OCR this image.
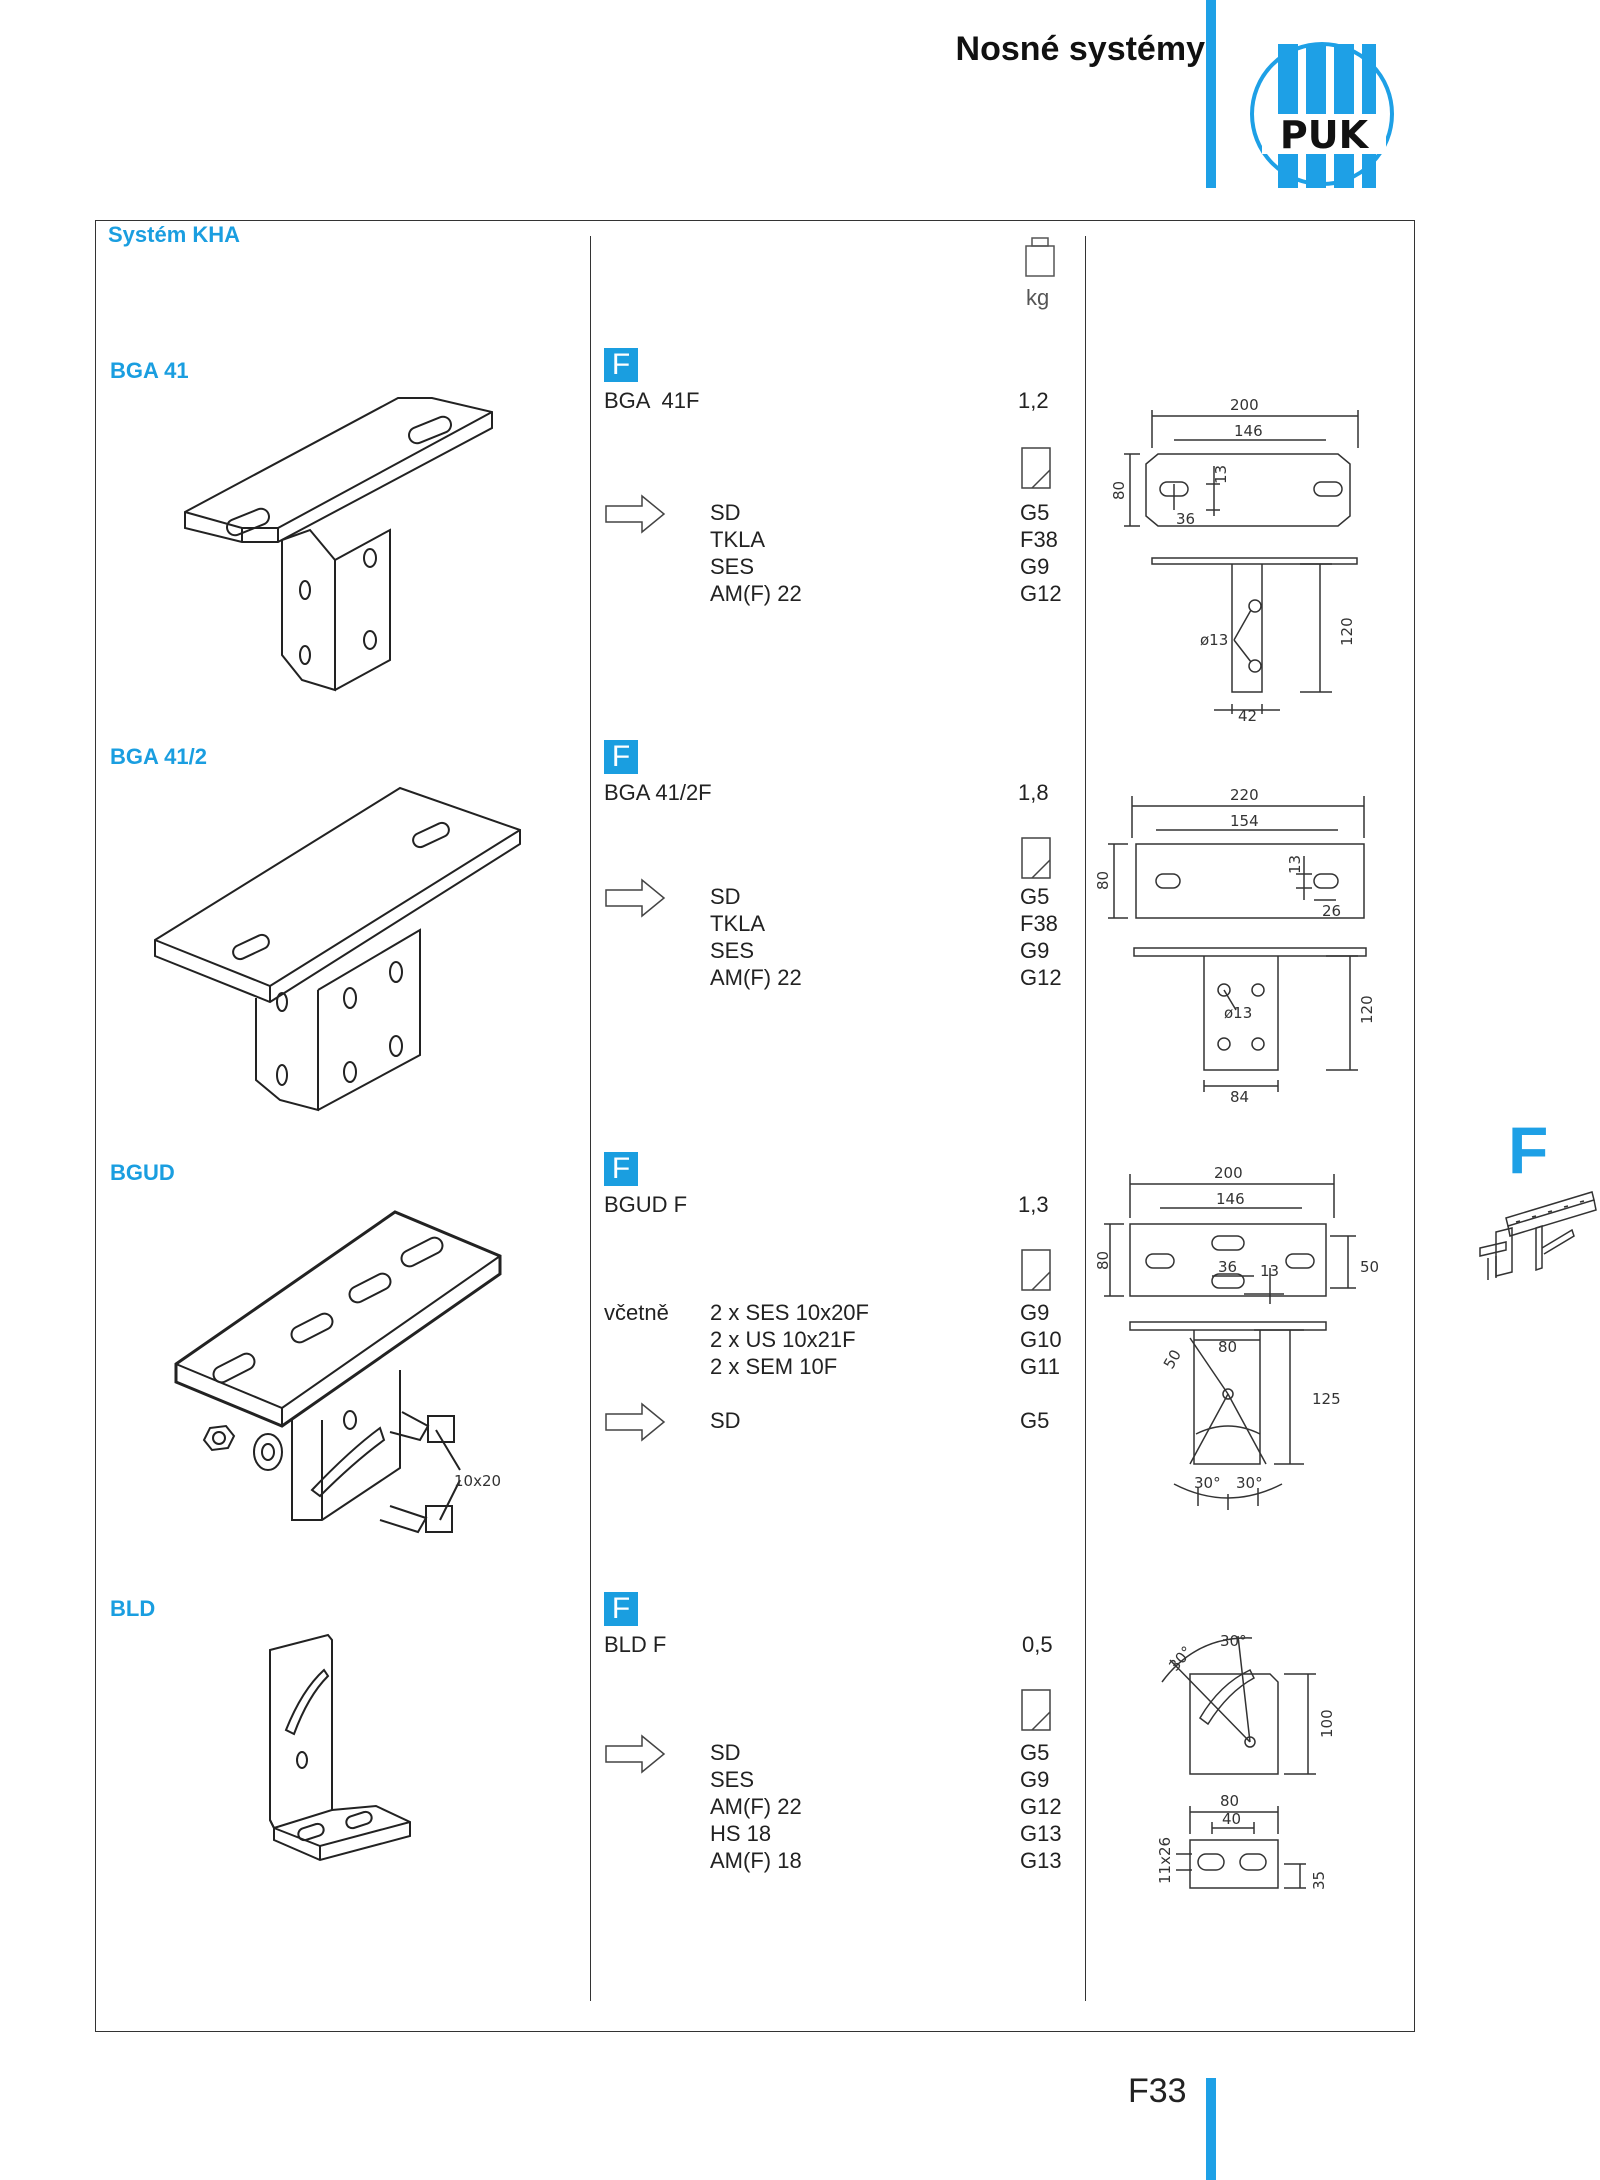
Nosné systémy
PUK
Systém KHA
kg
BGA 41	F
BGA  41F	1,2
SD	G5
TKLA	F38
SES	G9
AM(F) 22	G12
200
146
13
80
36
ø13	120
42
BGA 41/2	F
BGA 41/2F	1,8
SD	G5
TKLA	F38
SES	G9
AM(F) 22	G12
220
154
13
80
26
ø13	120
84
BGUD
10x20
F
BGUD F	1,3
včetně 2 x SES 10x20F	G9
2 x US 10x21F	G10
2 x SEM 10F	G11
SD	G5
200
146
80	36 13	50
80
125
50
30° 30°
BLD	F
BLD F	0,5
SD	G5
SES	G9
AM(F) 22	G12
HS 18	G13
AM(F) 18	G13
30°
30°
100
80
40
11x26	35
F
F33
